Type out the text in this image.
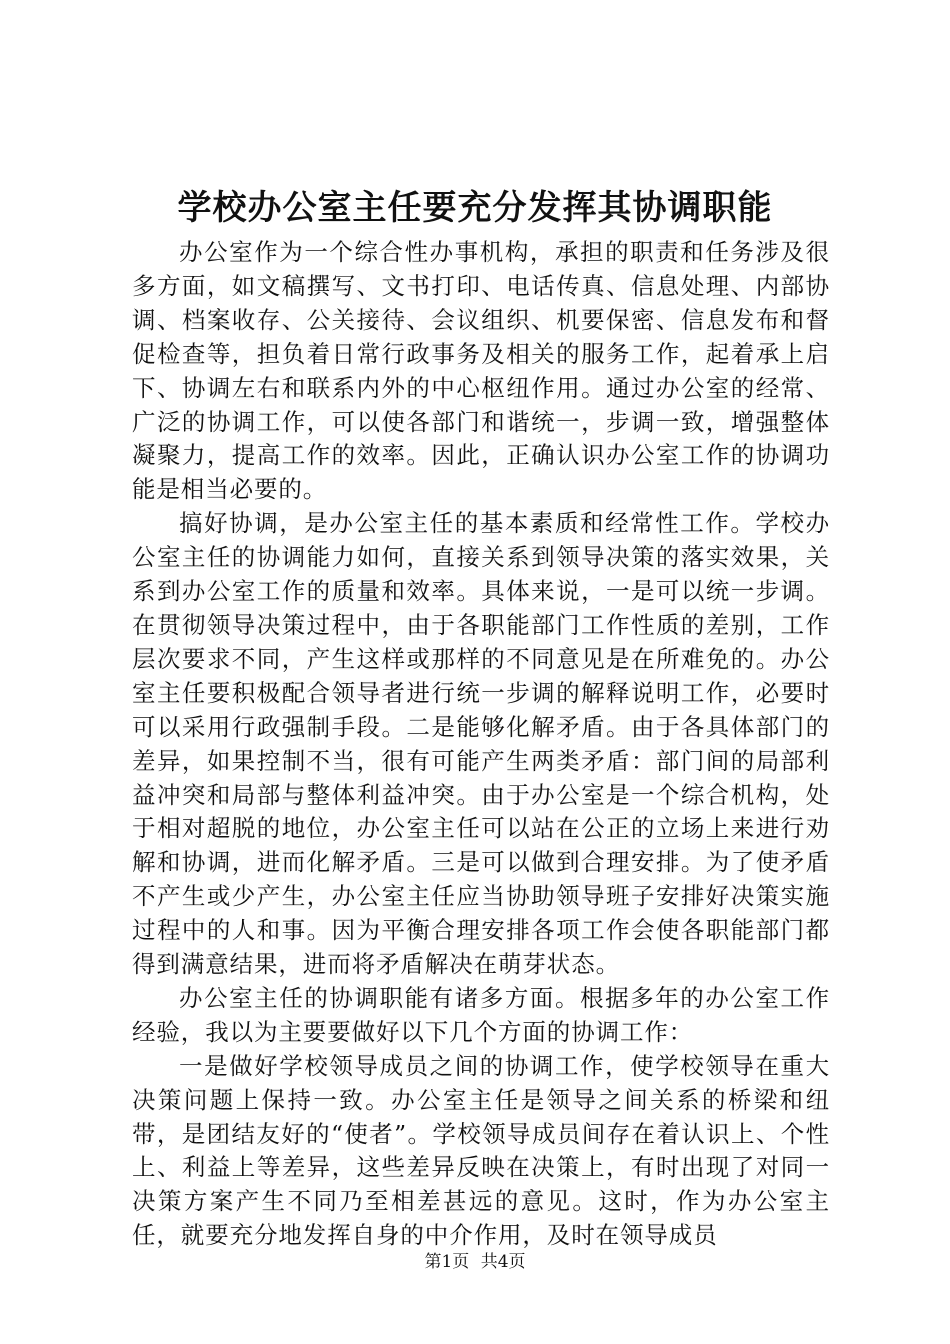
学校办公室主任要充分发挥其协调职能

办公室作为一个综合性办事机构，承担的职责和任务涉及很多方面，如文稿撰写、文书打印、电话传真、信息处理、内部协调、档案收存、公关接待、会议组织、机要保密、信息发布和督促检查等，担负着日常行政事务及相关的服务工作，起着承上启下、协调左右和联系内外的中心枢纽作用。通过办公室的经常、广泛的协调工作，可以使各部门和谐统一，步调一致，增强整体凝聚力，提高工作的效率。因此，正确认识办公室工作的协调功能是相当必要的。

搞好协调，是办公室主任的基本素质和经常性工作。学校办公室主任的协调能力如何，直接关系到领导决策的落实效果，关系到办公室工作的质量和效率。具体来说，一是可以统一步调。在贯彻领导决策过程中，由于各职能部门工作性质的差别，工作层次要求不同，产生这样或那样的不同意见是在所难免的。办公室主任要积极配合领导者进行统一步调的解释说明工作，必要时可以采用行政强制手段。二是能够化解矛盾。由于各具体部门的差异，如果控制不当，很有可能产生两类矛盾：部门间的局部利益冲突和局部与整体利益冲突。由于办公室是一个综合机构，处于相对超脱的地位，办公室主任可以站在公正的立场上来进行劝解和协调，进而化解矛盾。三是可以做到合理安排。为了使矛盾不产生或少产生，办公室主任应当协助领导班子安排好决策实施过程中的人和事。因为平衡合理安排各项工作会使各职能部门都得到满意结果，进而将矛盾解决在萌芽状态。

办公室主任的协调职能有诸多方面。根据多年的办公室工作经验，我以为主要要做好以下几个方面的协调工作：

一是做好学校领导成员之间的协调工作，使学校领导在重大决策问题上保持一致。办公室主任是领导之间关系的桥梁和纽带，是团结友好的“使者”。学校领导成员间存在着认识上、个性上、利益上等差异，这些差异反映在决策上，有时出现了对同一决策方案产生不同乃至相差甚远的意见。这时，作为办公室主任，就要充分地发挥自身的中介作用，及时在领导成员

第1页 共4页
